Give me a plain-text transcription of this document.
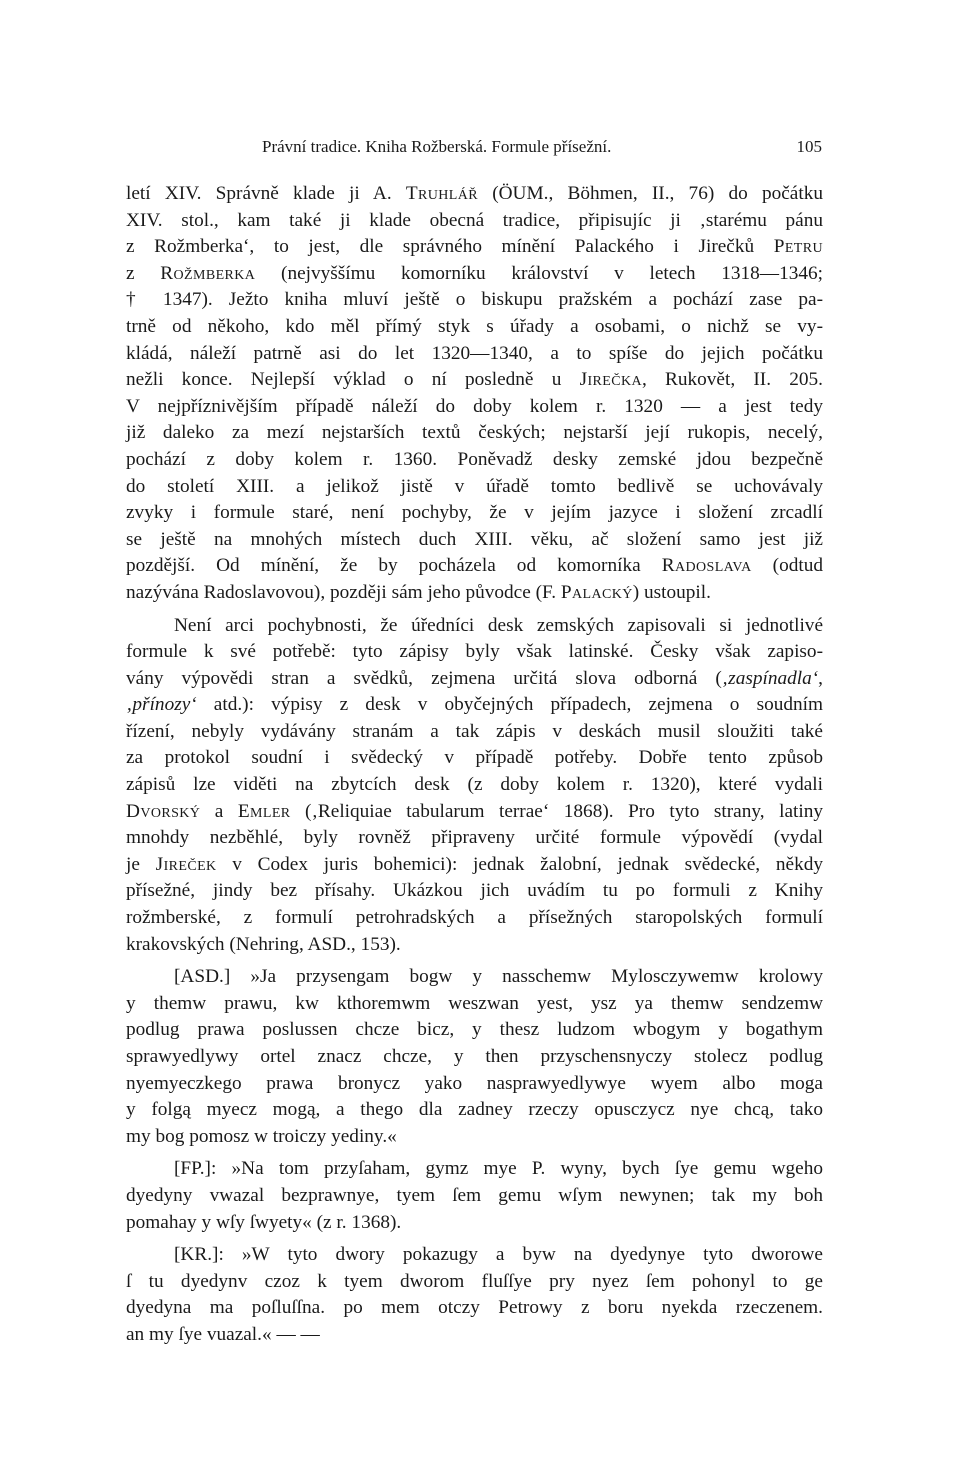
Právní tradice. Kniha Rožberská. Formule přísežní.	105
letí XIV. Správně klade ji A. Truhlář (ÖUM., Böhmen, II., 76) do počátku
XIV. stol., kam také ji klade obecná tradice, připisujíc ji ‚starému pánu
z Rožmberka‘, to jest, dle správného mínění Palackého i Jirečků Petru
z Rožmberka (nejvyššímu komorníku království v letech 1318—1346;
† 1347). Ježto kniha mluví ještě o biskupu pražském a pochází zase pa-
trně od někoho, kdo měl přímý styk s úřady a osobami, o nichž se vy-
kládá, náleží patrně asi do let 1320—1340, a to spíše do jejich počátku
nežli konce. Nejlepší výklad o ní posledně u Jirečka, Rukovět, II. 205.
V nejpříznivějším případě náleží do doby kolem r. 1320 — a jest tedy
již daleko za mezí nejstarších textů českých; nejstarší její rukopis, necelý,
pochází z doby kolem r. 1360. Poněvadž desky zemské jdou bezpečně
do století XIII. a jelikož jistě v úřadě tomto bedlivě se uchovávaly
zvyky i formule staré, není pochyby, že v jejím jazyce i složení zrcadlí
se ještě na mnohých místech duch XIII. věku, ač složení samo jest již
pozdější. Od mínění, že by pocházela od komorníka Radoslava (odtud
nazývána Radoslavovou), později sám jeho původce (F. Palacký) ustoupil.
Není arci pochybnosti, že úředníci desk zemských zapisovali si jednotlivé
formule k své potřebě: tyto zápisy byly však latinské. Česky však zapiso-
vány výpovědi stran a svědků, zejmena určitá slova odborná (‚zaspínadla‘,
‚přínozy‘ atd.): výpisy z desk v obyčejných případech, zejmena o soudním
řízení, nebyly vydávány stranám a tak zápis v deskách musil sloužiti také
za protokol soudní i svědecký v případě potřeby. Dobře tento způsob
zápisů lze viděti na zbytcích desk (z doby kolem r. 1320), které vydali
Dvorský a Emler (‚Reliquiae tabularum terrae‘ 1868). Pro tyto strany, latiny
mnohdy nezběhlé, byly rovněž připraveny určité formule výpovědí (vydal
je Jireček v Codex juris bohemici): jednak žalobní, jednak svědecké, někdy
přísežné, jindy bez přísahy. Ukázkou jich uvádím tu po formuli z Knihy
rožmberské, z formulí petrohradských a přísežných staropolských formulí
krakovských (Nehring, ASD., 153).
[ASD.] »Ja przysengam bogw y nasschemw Mylosczywemw krolowy
y themw prawu, kw kthoremwm weszwan yest, ysz ya themw sendzemw
podlug prawa poslussen chcze bicz, y thesz ludzom wbogym y bogathym
sprawyedlywy ortel znacz chcze, y then przyschensnyczy stolecz podlug
nyemyeczkego prawa bronycz yako nasprawyedlywye wyem albo moga
y folgą myecz mogą, a thego dla zadney rzeczy opusczycz nye chcą, tako
my bog pomosz w troiczy yediny.«
[FP.]: »Na tom przyſaham, gymz mye P. wyny, bych ſye gemu wgeho
dyedyny vwazal bezprawnye, tyem ſem gemu wſym newynen; tak my boh
pomahay y wſy ſwyety« (z r. 1368).
[KR.]: »W tyto dwory pokazugy a byw na dyedynye tyto dworowe
ſ tu dyedynv czoz k tyem dworom fluſſye pry nyez ſem pohonyl to ge
dyedyna ma poſluſſna. po mem otczy Petrowy z boru nyekda rzeczenem.
an my ſye vuazal.« — —
